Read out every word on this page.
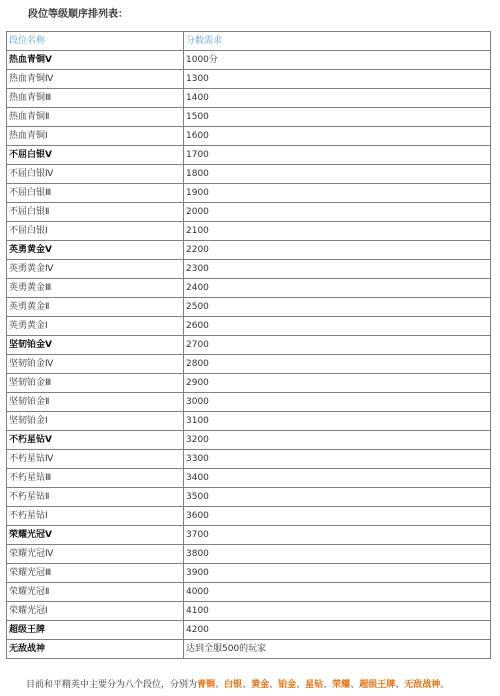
段位等级顺序排列表：
段位名称	分数需求
热血青铜Ⅴ	1000分
热血青铜Ⅳ	1300
热血青铜Ⅲ	1400
热血青铜Ⅱ	1500
热血青铜Ⅰ	1600
不屈白银Ⅴ	1700
不屈白银Ⅳ	1800
不屈白银Ⅲ	1900
不屈白银Ⅱ	2000
不屈白银Ⅰ	2100
英勇黄金Ⅴ	2200
英勇黄金Ⅳ	2300
英勇黄金Ⅲ	2400
英勇黄金Ⅱ	2500
英勇黄金Ⅰ	2600
坚韧铂金Ⅴ	2700
坚韧铂金Ⅳ	2800
坚韧铂金Ⅲ	2900
坚韧铂金Ⅱ	3000
坚韧铂金Ⅰ	3100
不朽星钻Ⅴ	3200
不朽星钻Ⅳ	3300
不朽星钻Ⅲ	3400
不朽星钻Ⅱ	3500
不朽星钻Ⅰ	3600
荣耀光冠Ⅴ	3700
荣耀光冠Ⅳ	3800
荣耀光冠Ⅲ	3900
荣耀光冠Ⅱ	4000
荣耀光冠Ⅰ	4100
超级王牌	4200
无敌战神	达到全服500的玩家
目前和平精英中主要分为八个段位，分别为青铜、白银、黄金、铂金、星钻、荣耀、超级王牌、无敌战神。
